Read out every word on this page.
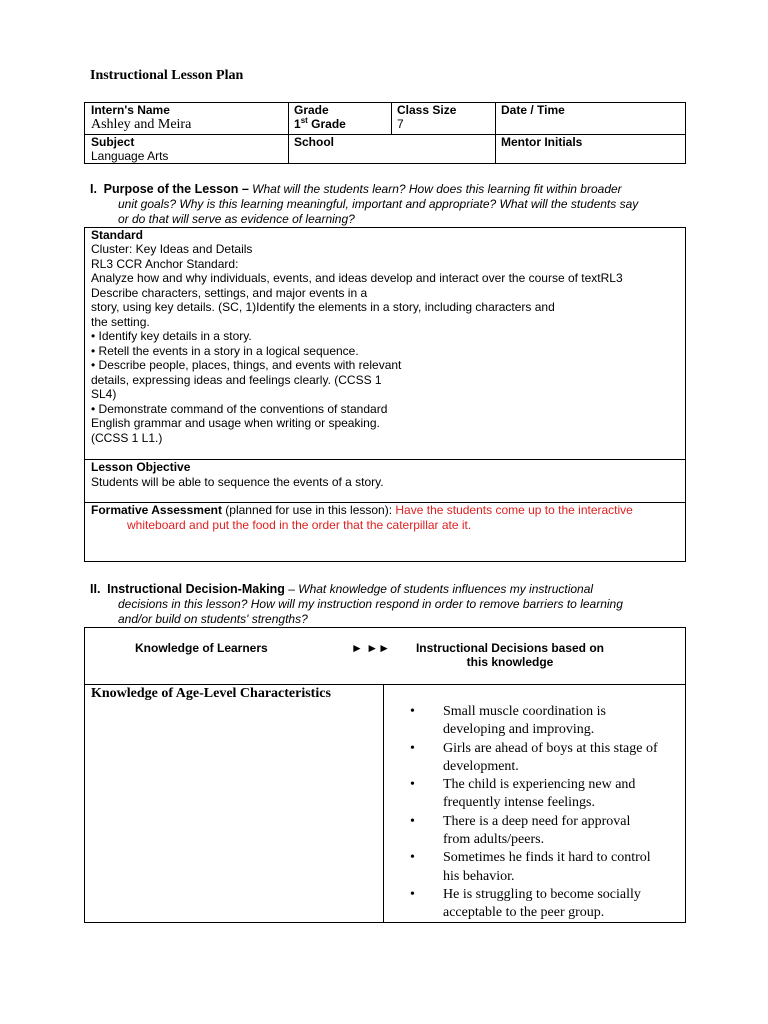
Instructional Lesson Plan
Intern's Name
Ashley and Meira
Grade
1st Grade
Class Size
7
Date / Time
Subject
Language Arts
School	Mentor Initials
I. Purpose of the Lesson – What will the students learn? How does this learning fit within broader
unit goals? Why is this learning meaningful, important and appropriate? What will the students say
or do that will serve as evidence of learning?
Standard
Cluster: Key Ideas and Details
RL3 CCR Anchor Standard:
Analyze how and why individuals, events, and ideas develop and interact over the course of textRL3
Describe characters, settings, and major events in a
story, using key details. (SC, 1)Identify the elements in a story, including characters and
the setting.
• Identify key details in a story.
• Retell the events in a story in a logical sequence.
• Describe people, places, things, and events with relevant
details, expressing ideas and feelings clearly. (CCSS 1
SL4)
• Demonstrate command of the conventions of standard
English grammar and usage when writing or speaking.
(CCSS 1 L1.)
Lesson Objective
Students will be able to sequence the events of a story.
Formative Assessment (planned for use in this lesson): Have the students come up to the interactive
whiteboard and put the food in the order that the caterpillar ate it.
II. Instructional Decision-Making – What knowledge of students influences my instructional
decisions in this lesson? How will my instruction respond in order to remove barriers to learning
and/or build on students' strengths?
Knowledge of Learners	► ►► Instructional Decisions based on
this knowledge
Knowledge of Age-Level Characteristics
• Small muscle coordination is
developing and improving.
• Girls are ahead of boys at this stage of
development.
• The child is experiencing new and
frequently intense feelings.
• There is a deep need for approval
from adults/peers.
• Sometimes he finds it hard to control
his behavior.
• He is struggling to become socially
acceptable to the peer group.
